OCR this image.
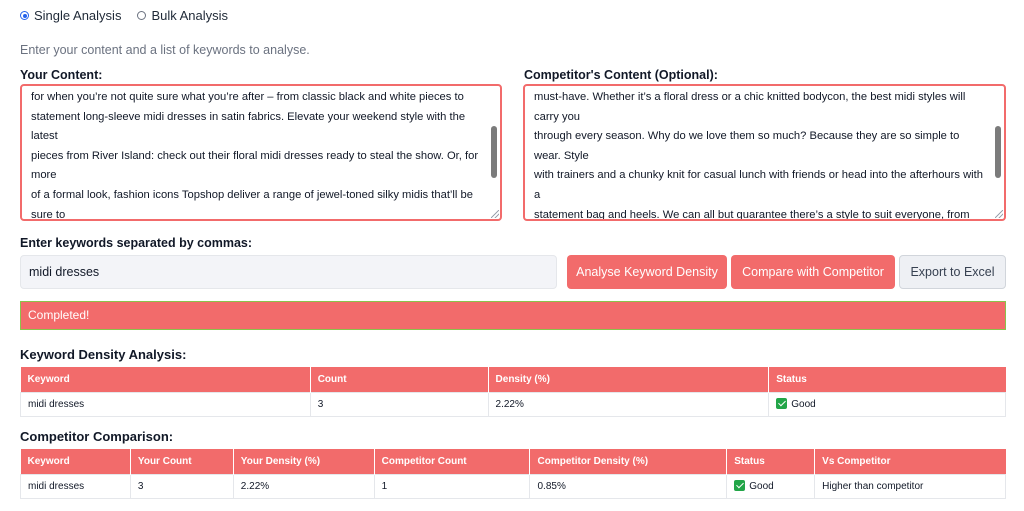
Single Analysis Bulk Analysis
Enter your content and a list of keywords to analyse.
Your Content:
for when you’re not quite sure what you’re after – from classic black and white pieces to
statement long-sleeve midi dresses in satin fabrics. Elevate your weekend style with the latest
pieces from River Island: check out their floral midi dresses ready to steal the show. Or, for more
of a formal look, fashion icons Topshop deliver a range of jewel-toned silky midis that’ll be sure to
Competitor's Content (Optional):
must-have. Whether it’s a floral dress or a chic knitted bodycon, the best midi styles will carry you
through every season. Why do we love them so much? Because they are so simple to wear. Style
with trainers and a chunky knit for casual lunch with friends or head into the afterhours with a
statement bag and heels. We can all but guarantee there’s a style to suit everyone, from
Enter keywords separated by commas:
midi dresses	Analyse Keyword Density	Compare with Competitor	Export to Excel
Completed!
Keyword Density Analysis:
Keyword	Count	Density (%)	Status
midi dresses	3	2.22%	Good
Competitor Comparison:
Keyword	Your Count	Your Density (%)	Competitor Count	Competitor Density (%)	Status	Vs Competitor
midi dresses	3	2.22%	1	0.85%	Good	Higher than competitor
